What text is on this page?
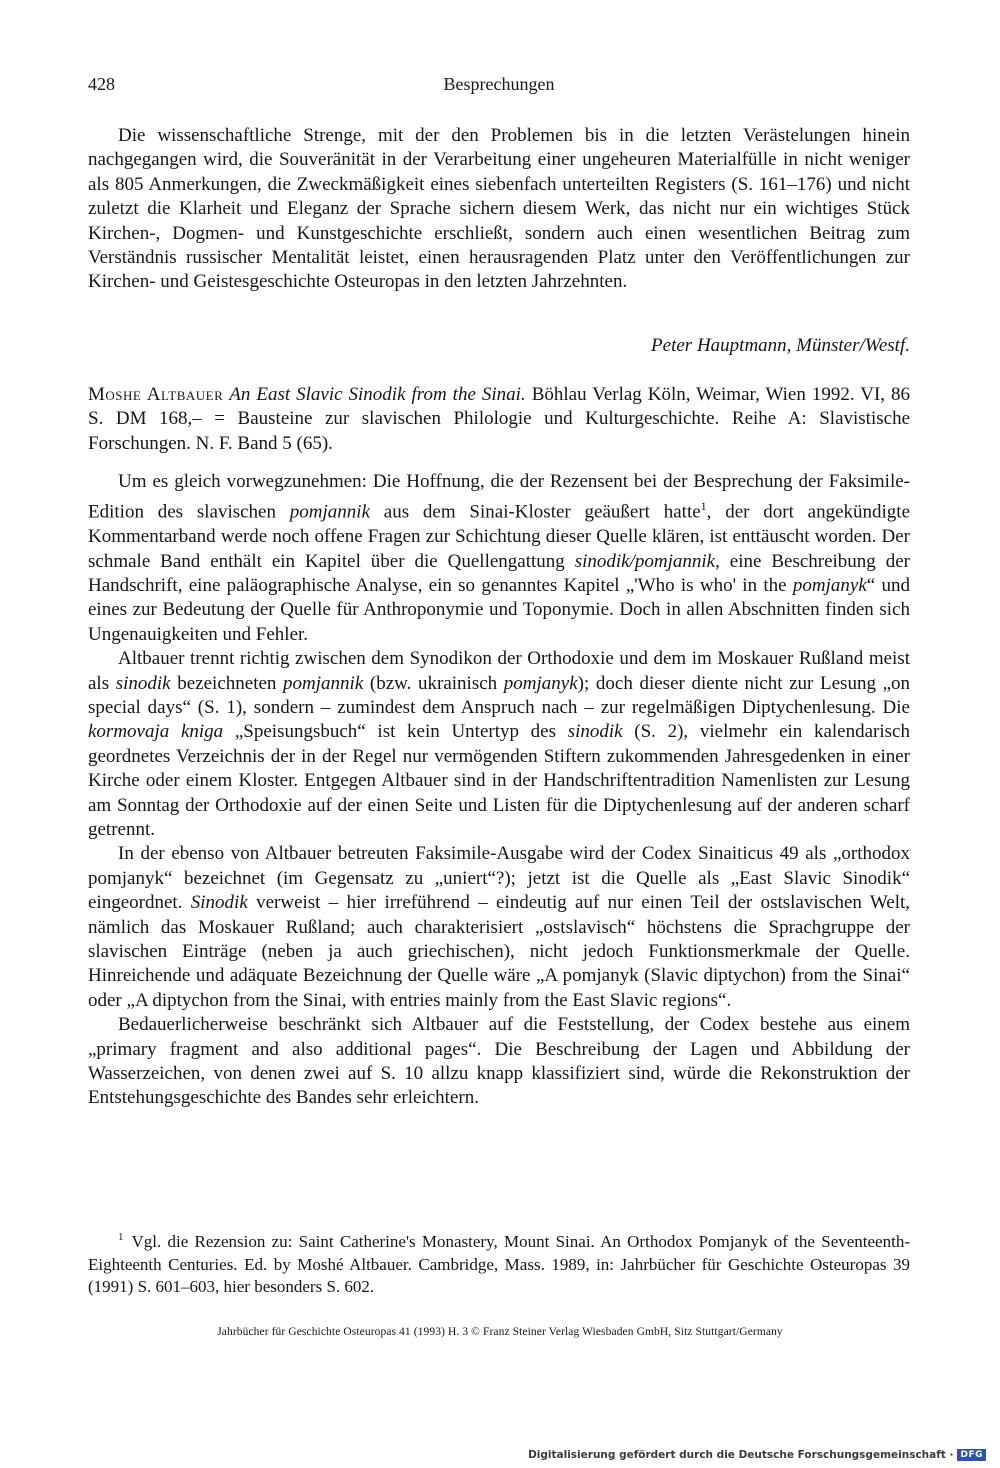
428	Besprechungen

Die wissenschaftliche Strenge, mit der den Problemen bis in die letzten Verästelungen hinein nachgegangen wird, die Souveränität in der Verarbeitung einer ungeheuren Materialfülle in nicht weniger als 805 Anmerkungen, die Zweckmäßigkeit eines siebenfach unterteilten Registers (S. 161–176) und nicht zuletzt die Klarheit und Eleganz der Sprache sichern diesem Werk, das nicht nur ein wichtiges Stück Kirchen-, Dogmen- und Kunstgeschichte erschließt, sondern auch einen wesentlichen Beitrag zum Verständnis russischer Mentalität leistet, einen herausragenden Platz unter den Veröffentlichungen zur Kirchen- und Geistesgeschichte Osteuropas in den letzten Jahrzehnten.

Peter Hauptmann, Münster/Westf.
Moshe Altbauer An East Slavic Sinodik from the Sinai. Böhlau Verlag Köln, Weimar, Wien 1992. VI, 86 S. DM 168,– = Bausteine zur slavischen Philologie und Kulturgeschichte. Reihe A: Slavistische Forschungen. N. F. Band 5 (65).

Um es gleich vorwegzunehmen: Die Hoffnung, die der Rezensent bei der Besprechung der Faksimile-Edition des slavischen pomjannik aus dem Sinai-Kloster geäußert hatte$^1$, der dort angekündigte Kommentarband werde noch offene Fragen zur Schichtung dieser Quelle klären, ist enttäuscht worden. Der schmale Band enthält ein Kapitel über die Quellengattung sinodik/pomjannik, eine Beschreibung der Handschrift, eine paläographische Analyse, ein so genanntes Kapitel „'Who is who' in the pomjanyk“ und eines zur Bedeutung der Quelle für Anthroponymie und Toponymie. Doch in allen Abschnitten finden sich Ungenauigkeiten und Fehler.

Altbauer trennt richtig zwischen dem Synodikon der Orthodoxie und dem im Moskauer Rußland meist als sinodik bezeichneten pomjannik (bzw. ukrainisch pomjanyk); doch dieser diente nicht zur Lesung „on special days“ (S. 1), sondern – zumindest dem Anspruch nach – zur regelmäßigen Diptychenlesung. Die kormovaja kniga „Speisungsbuch“ ist kein Untertyp des sinodik (S. 2), vielmehr ein kalendarisch geordnetes Verzeichnis der in der Regel nur vermögenden Stiftern zukommenden Jahresgedenken in einer Kirche oder einem Kloster. Entgegen Altbauer sind in der Handschriftentradition Namenlisten zur Lesung am Sonntag der Orthodoxie auf der einen Seite und Listen für die Diptychenlesung auf der anderen scharf getrennt.

In der ebenso von Altbauer betreuten Faksimile-Ausgabe wird der Codex Sinaiticus 49 als „orthodox pomjanyk“ bezeichnet (im Gegensatz zu „uniert“?); jetzt ist die Quelle als „East Slavic Sinodik“ eingeordnet. Sinodik verweist – hier irreführend – eindeutig auf nur einen Teil der ostslavischen Welt, nämlich das Moskauer Rußland; auch charakterisiert „ostslavisch“ höchstens die Sprachgruppe der slavischen Einträge (neben ja auch griechischen), nicht jedoch Funktionsmerkmale der Quelle. Hinreichende und adäquate Bezeichnung der Quelle wäre „A pomjanyk (Slavic diptychon) from the Sinai“ oder „A diptychon from the Sinai, with entries mainly from the East Slavic regions“.

Bedauerlicherweise beschränkt sich Altbauer auf die Feststellung, der Codex bestehe aus einem „primary fragment and also additional pages“. Die Beschreibung der Lagen und Abbildung der Wasserzeichen, von denen zwei auf S. 10 allzu knapp klassifiziert sind, würde die Rekonstruktion der Entstehungsgeschichte des Bandes sehr erleichtern.

$^1$ Vgl. die Rezension zu: Saint Catherine's Monastery, Mount Sinai. An Orthodox Pomjanyk of the Seventeenth-Eighteenth Centuries. Ed. by Moshé Altbauer. Cambridge, Mass. 1989, in: Jahrbücher für Geschichte Osteuropas 39 (1991) S. 601–603, hier besonders S. 602.

Jahrbücher für Geschichte Osteuropas 41 (1993) H. 3 © Franz Steiner Verlag Wiesbaden GmbH, Sitz Stuttgart/Germany
Digitalisierung gefördert durch die Deutsche Forschungsgemeinschaft · DFG
